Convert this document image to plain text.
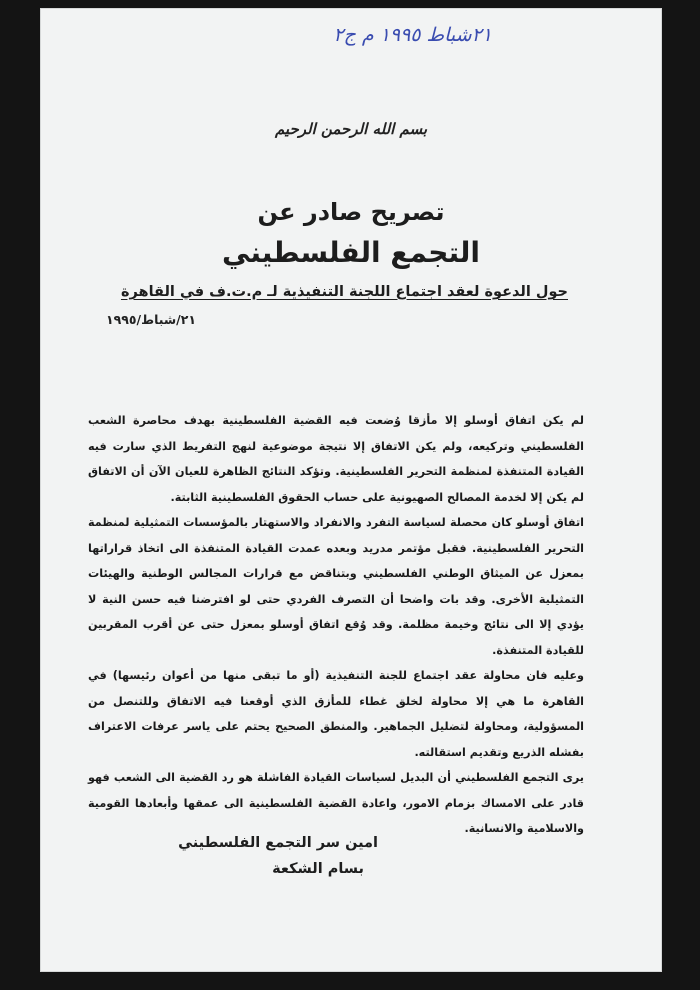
٢١شباط ١٩٩٥ م ج٢
بسم الله الرحمن الرحيم
تصريح صادر عن
التجمع الفلسطيني
حول الدعوة لعقد اجتماع اللجنة التنفيذية لـ م.ت.ف في القاهرة
٢١/شباط/١٩٩٥

لم يكن اتفاق أوسلو إلا مأزقا وُضعت فيه القضية الفلسطينية بهدف محاصرة الشعب الفلسطيني وتركيعه، ولم يكن الاتفاق إلا نتيجة موضوعية لنهج التفريط الذي سارت فيه القيادة المتنفذة لمنظمة التحرير الفلسطينية. وتؤكد النتائج الظاهرة للعيان الآن أن الاتفاق لم يكن إلا لخدمة المصالح الصهيونية على حساب الحقوق الفلسطينية الثابتة.

اتفاق أوسلو كان محصلة لسياسة التفرد والانفراد والاستهتار بالمؤسسات التمثيلية لمنظمة التحرير الفلسطينية. فقبل مؤتمر مدريد وبعده عمدت القيادة المتنفذة الى اتخاذ قراراتها بمعزل عن الميثاق الوطني الفلسطيني وبتناقض مع قرارات المجالس الوطنية والهيئات التمثيلية الأخرى. وقد بات واضحا أن التصرف الفردي حتى لو افترضنا فيه حسن النية لا يؤدي إلا الى نتائج وخيمة مظلمة. وقد وُقع اتفاق أوسلو بمعزل حتى عن أقرب المقربين للقيادة المتنفذة.

وعليه فان محاولة عقد اجتماع للجنة التنفيذية (أو ما تبقى منها من أعوان رئيسها) في القاهرة ما هي إلا محاولة لخلق غطاء للمأزق الذي أوقعنا فيه الاتفاق وللتنصل من المسؤولية، ومحاولة لتضليل الجماهير. والمنطق الصحيح يحتم على ياسر عرفات الاعتراف بفشله الذريع وتقديم استقالته.

يرى التجمع الفلسطيني أن البديل لسياسات القيادة الفاشلة هو رد القضية الى الشعب فهو قادر على الامساك بزمام الامور، واعادة القضية الفلسطينية الى عمقها وأبعادها القومية والاسلامية والانسانية.

امين سر التجمع الفلسطيني
بسام الشكعة
